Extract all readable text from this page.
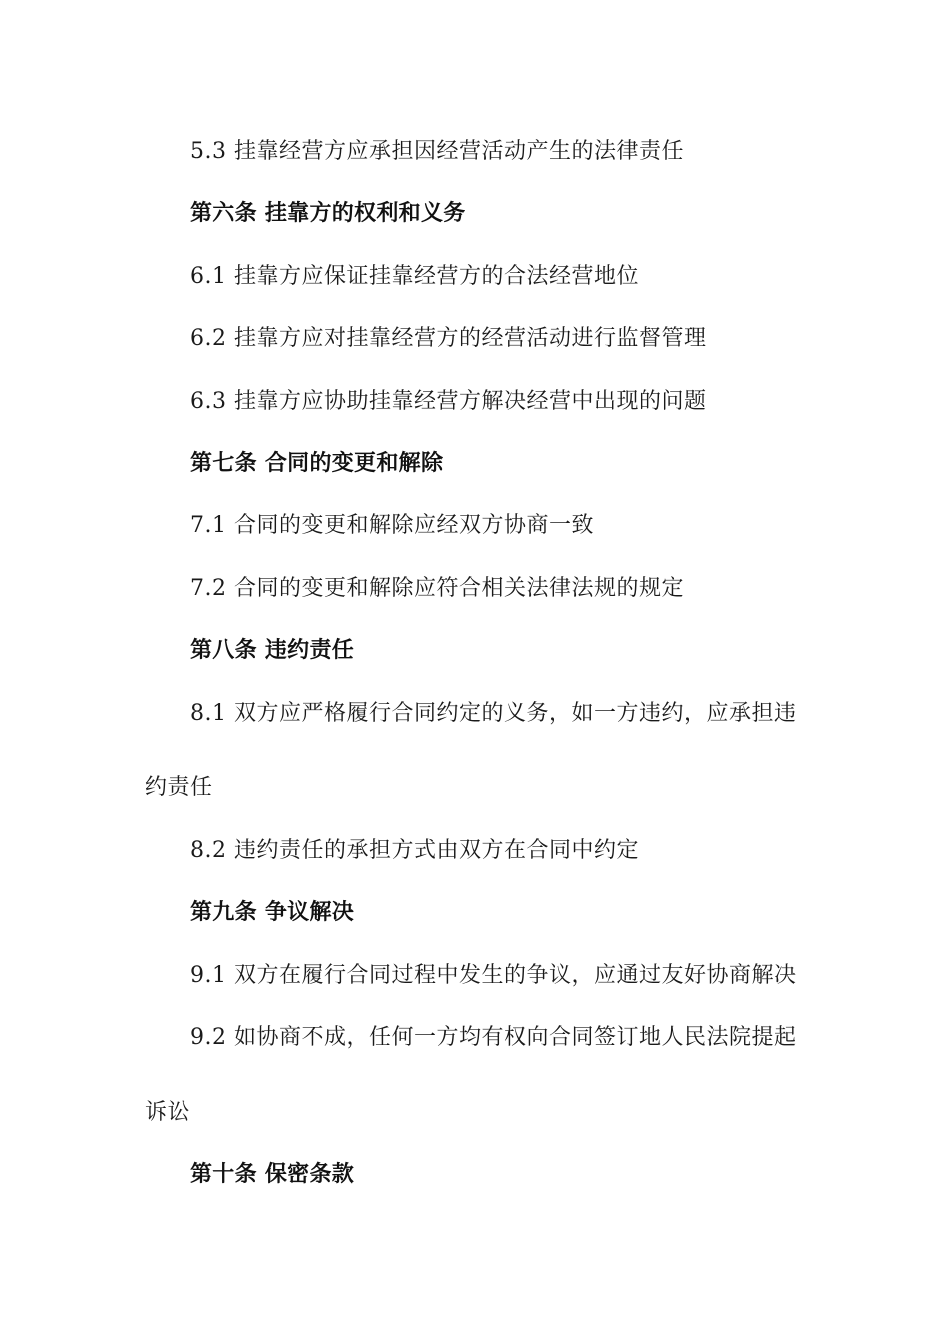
5.3 挂靠经营方应承担因经营活动产生的法律责任
第六条 挂靠方的权利和义务
6.1 挂靠方应保证挂靠经营方的合法经营地位
6.2 挂靠方应对挂靠经营方的经营活动进行监督管理
6.3 挂靠方应协助挂靠经营方解决经营中出现的问题
第七条 合同的变更和解除
7.1 合同的变更和解除应经双方协商一致
7.2 合同的变更和解除应符合相关法律法规的规定
第八条 违约责任
8.1 双方应严格履行合同约定的义务，如一方违约，应承担违
约责任
8.2 违约责任的承担方式由双方在合同中约定
第九条 争议解决
9.1 双方在履行合同过程中发生的争议，应通过友好协商解决
9.2 如协商不成，任何一方均有权向合同签订地人民法院提起
诉讼
第十条 保密条款
